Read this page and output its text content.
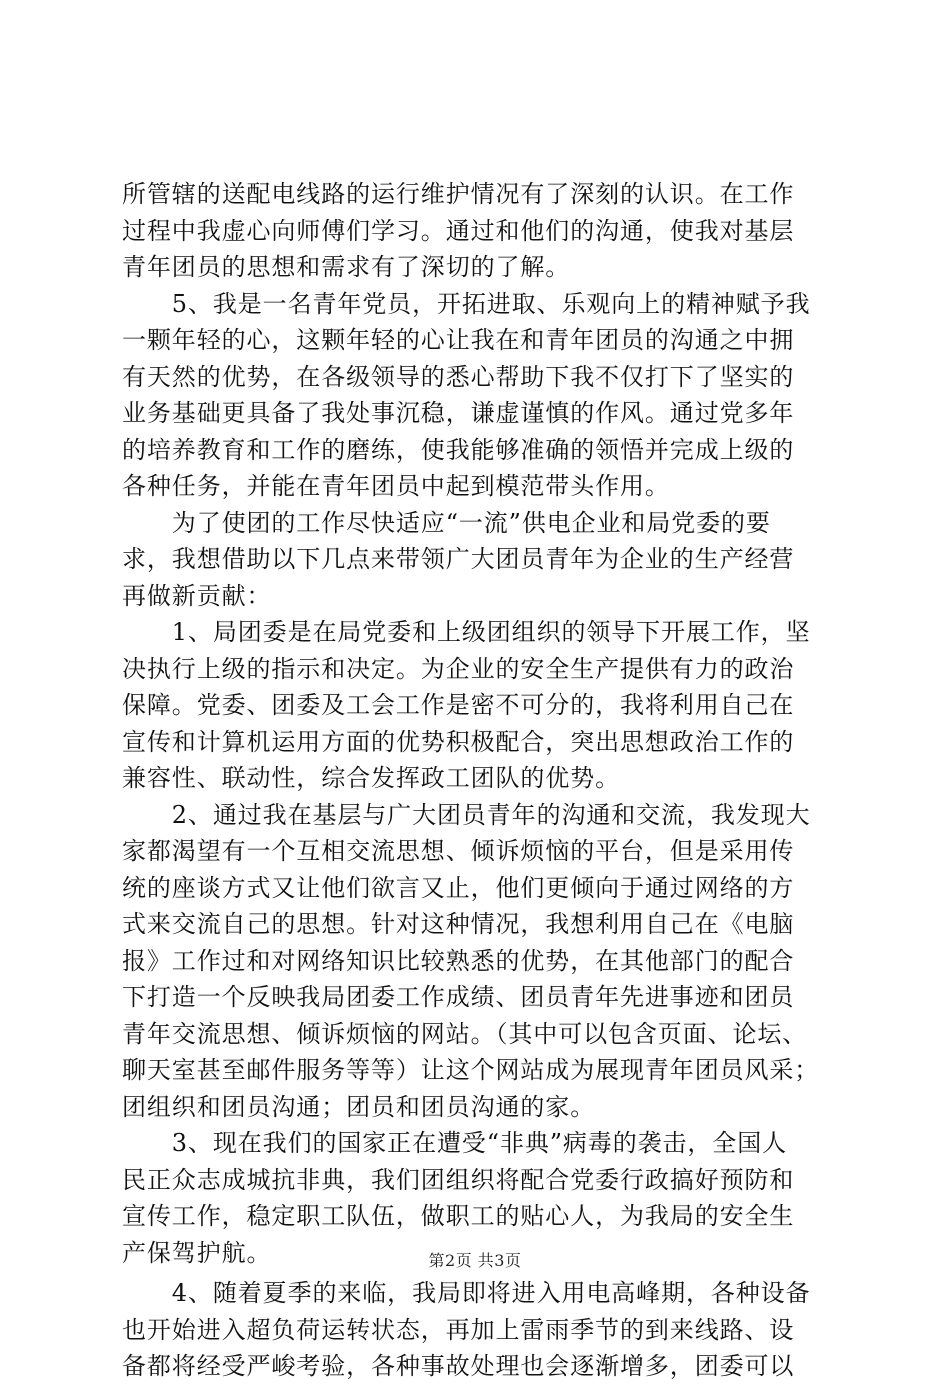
所管辖的送配电线路的运行维护情况有了深刻的认识。在工作
过程中我虚心向师傅们学习。通过和他们的沟通，使我对基层
青年团员的思想和需求有了深切的了解。
　　5、我是一名青年党员，开拓进取、乐观向上的精神赋予我
一颗年轻的心，这颗年轻的心让我在和青年团员的沟通之中拥
有天然的优势，在各级领导的悉心帮助下我不仅打下了坚实的
业务基础更具备了我处事沉稳，谦虚谨慎的作风。通过党多年
的培养教育和工作的磨练，使我能够准确的领悟并完成上级的
各种任务，并能在青年团员中起到模范带头作用。
　　为了使团的工作尽快适应“一流”供电企业和局党委的要
求，我想借助以下几点来带领广大团员青年为企业的生产经营
再做新贡献：
　　1、局团委是在局党委和上级团组织的领导下开展工作，坚
决执行上级的指示和决定。为企业的安全生产提供有力的政治
保障。党委、团委及工会工作是密不可分的，我将利用自己在
宣传和计算机运用方面的优势积极配合，突出思想政治工作的
兼容性、联动性，综合发挥政工团队的优势。
　　2、通过我在基层与广大团员青年的沟通和交流，我发现大
家都渴望有一个互相交流思想、倾诉烦恼的平台，但是采用传
统的座谈方式又让他们欲言又止，他们更倾向于通过网络的方
式来交流自己的思想。针对这种情况，我想利用自己在《电脑
报》工作过和对网络知识比较熟悉的优势，在其他部门的配合
下打造一个反映我局团委工作成绩、团员青年先进事迹和团员
青年交流思想、倾诉烦恼的网站。（其中可以包含页面、论坛、
聊天室甚至邮件服务等等）让这个网站成为展现青年团员风采；
团组织和团员沟通；团员和团员沟通的家。
　　3、现在我们的国家正在遭受“非典”病毒的袭击，全国人
民正众志成城抗非典，我们团组织将配合党委行政搞好预防和
宣传工作，稳定职工队伍，做职工的贴心人，为我局的安全生
产保驾护航。
　　4、随着夏季的来临，我局即将进入用电高峰期，各种设备
也开始进入超负荷运转状态，再加上雷雨季节的到来线路、设
备都将经受严峻考验，各种事故处理也会逐渐增多，团委可以
第2页 共3页
